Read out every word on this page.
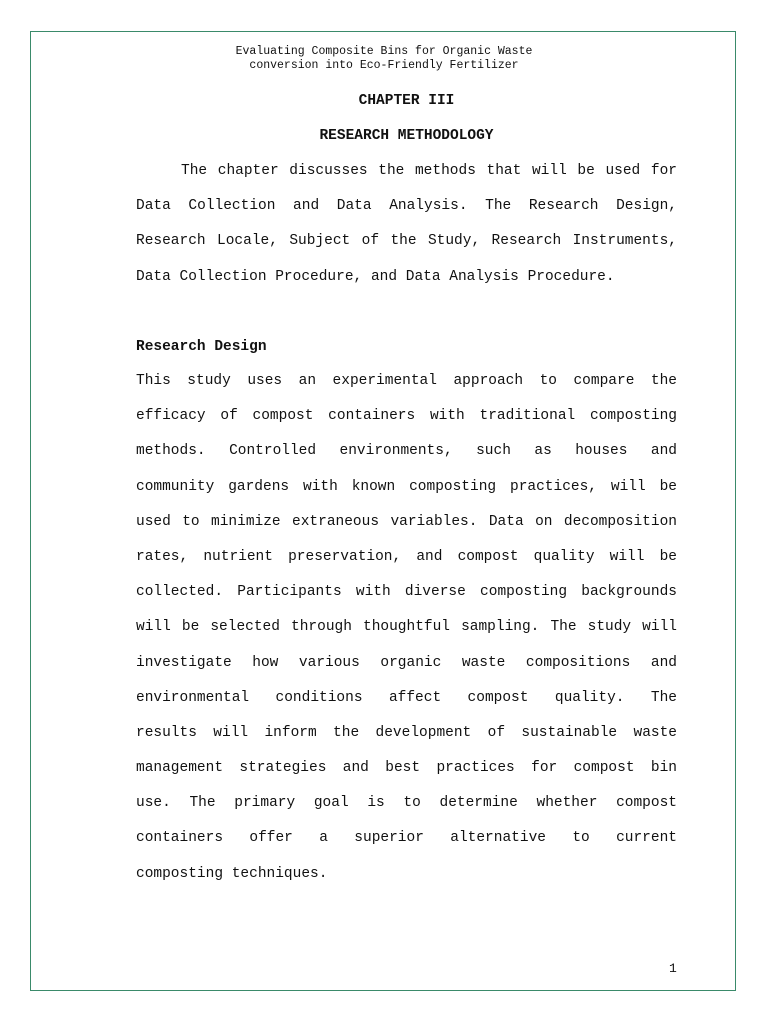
Evaluating Composite Bins for Organic Waste
conversion into Eco-Friendly Fertilizer
CHAPTER III
RESEARCH METHODOLOGY
The chapter discusses the methods that will be used for
Data Collection and Data Analysis. The Research Design,
Research Locale, Subject of the Study, Research Instruments,
Data Collection Procedure, and Data Analysis Procedure.
Research Design
This study uses an experimental approach to compare the
efficacy of compost containers with traditional composting
methods. Controlled environments, such as houses and
community gardens with known composting practices, will be
used to minimize extraneous variables. Data on decomposition
rates, nutrient preservation, and compost quality will be
collected. Participants with diverse composting backgrounds
will be selected through thoughtful sampling. The study will
investigate how various organic waste compositions and
environmental conditions affect compost quality. The
results will inform the development of sustainable waste
management strategies and best practices for compost bin
use. The primary goal is to determine whether compost
containers offer a superior alternative to current
composting techniques.
1
